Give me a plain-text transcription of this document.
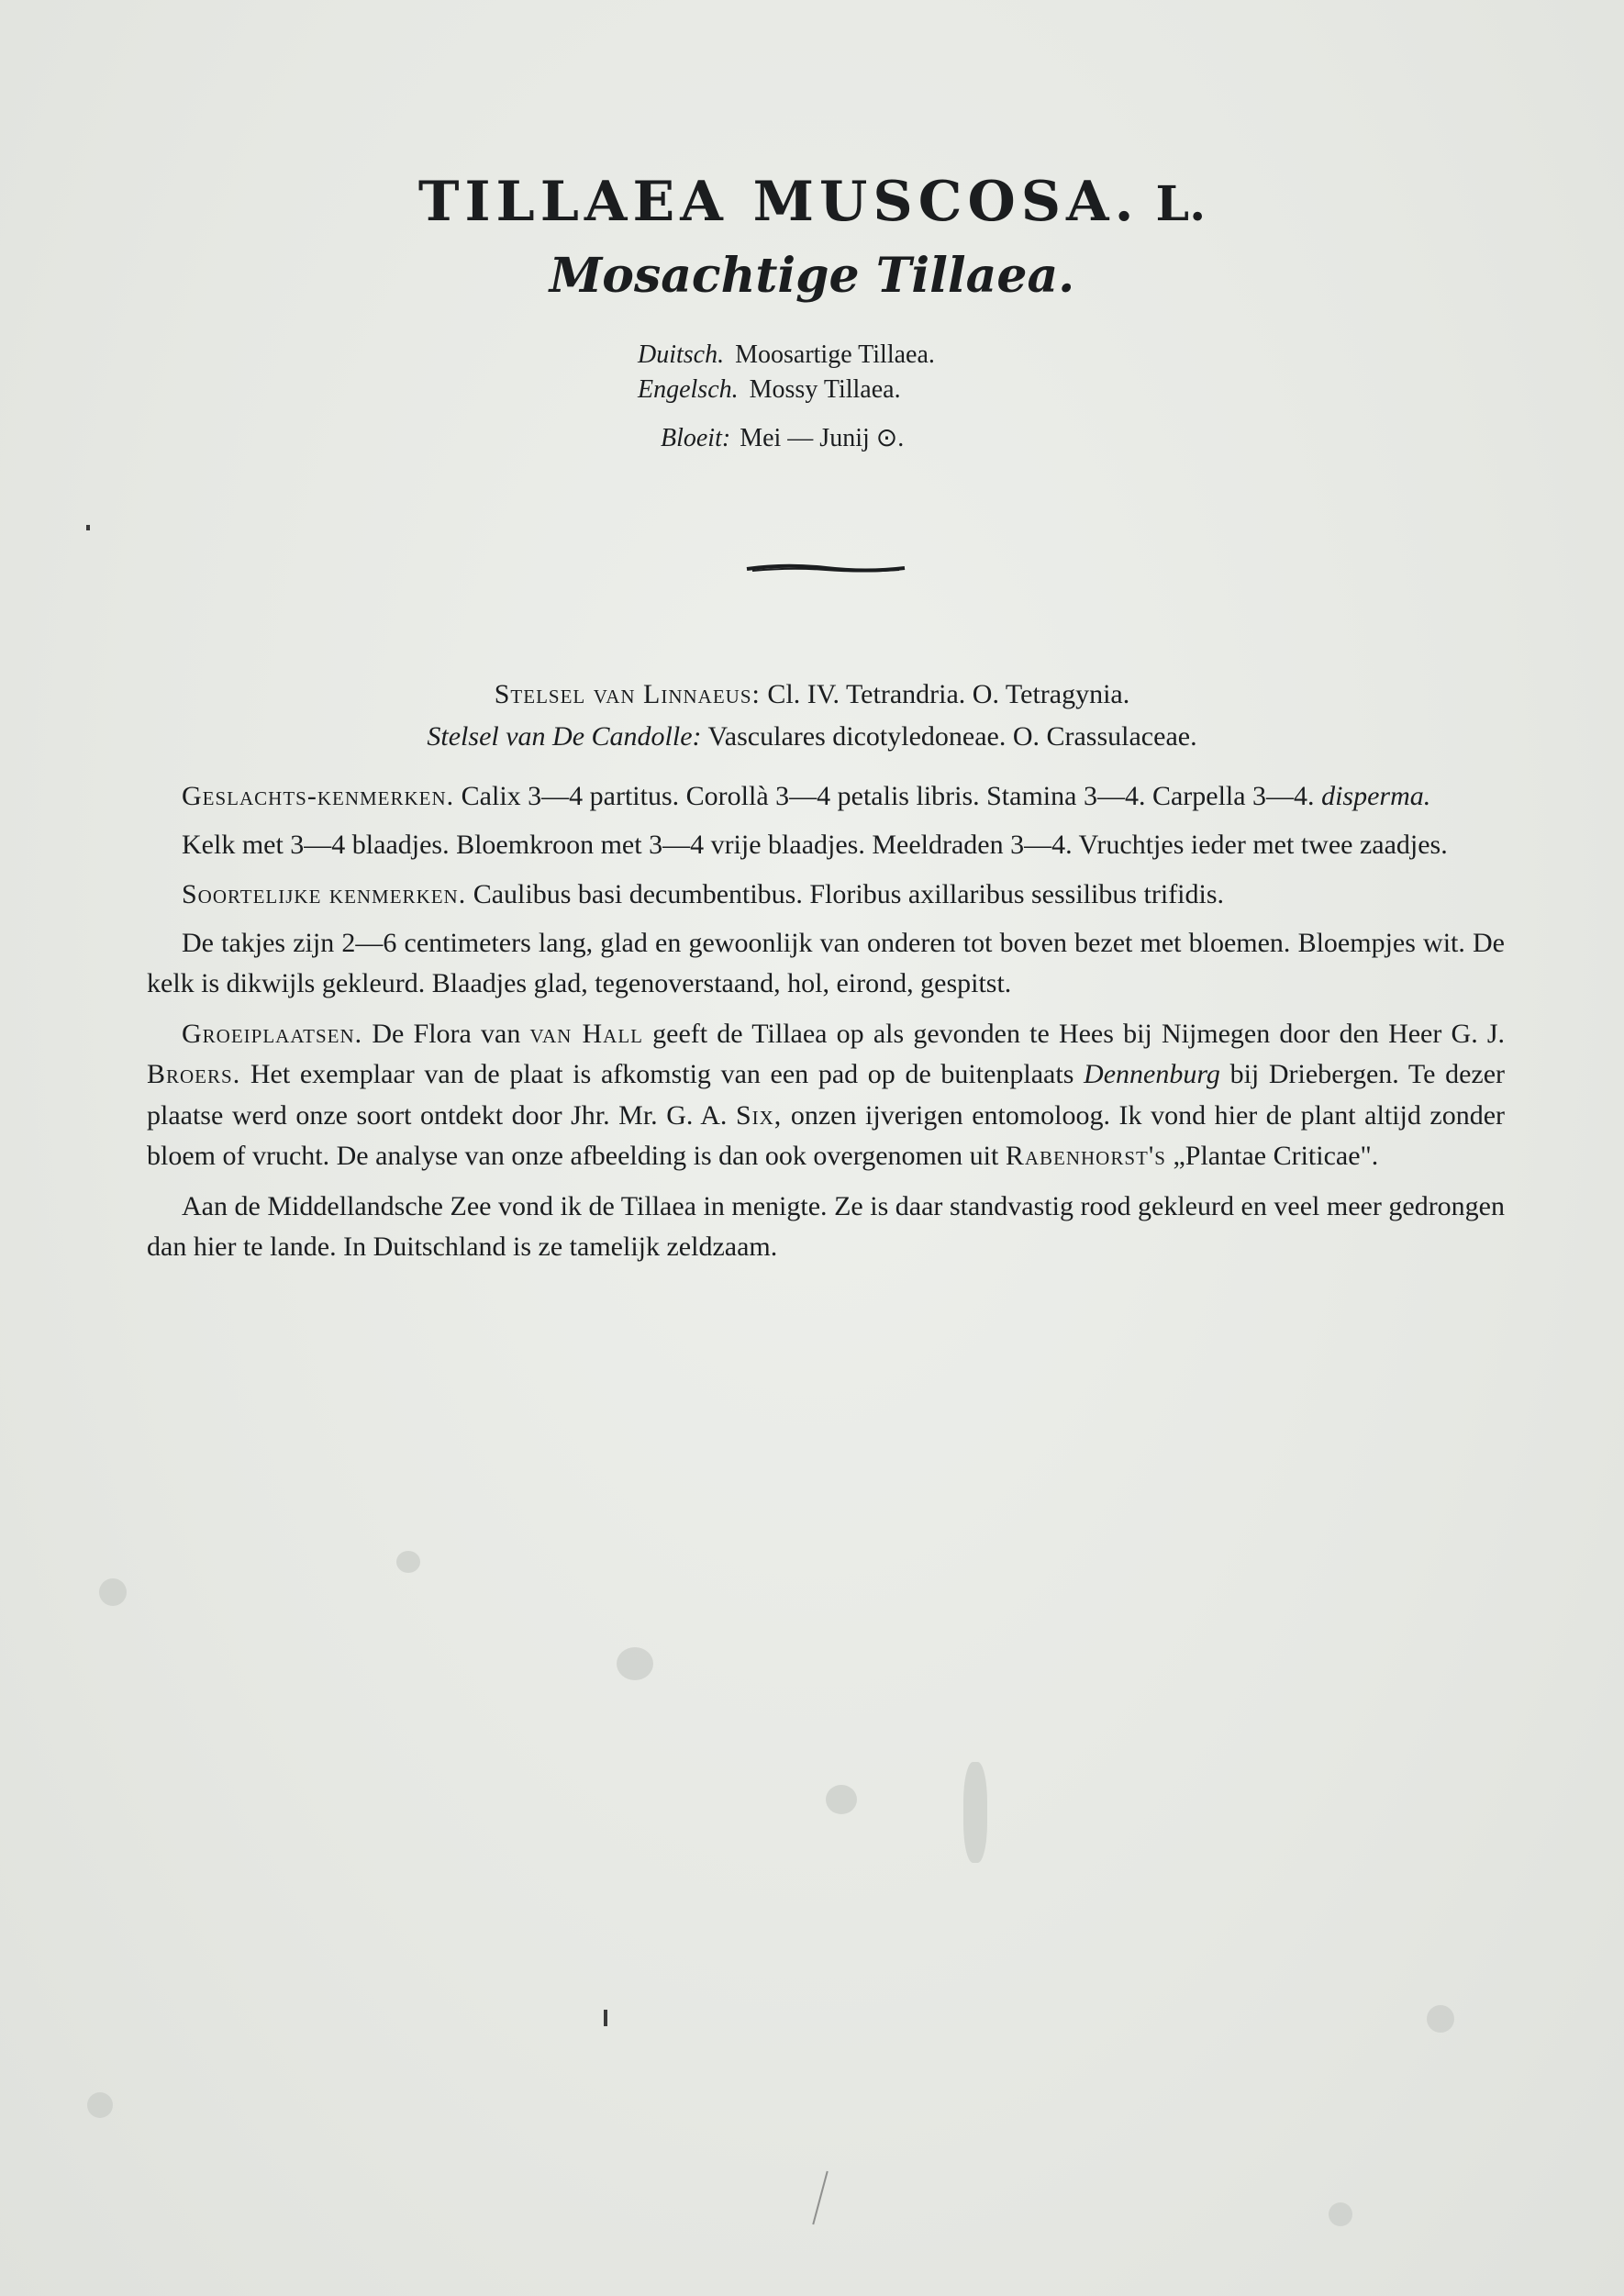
TILLAEA MUSCOSA. L.
Mosachtige Tillaea.
Duitsch. Moosartige Tillaea.
Engelsch. Mossy Tillaea.
Bloeit: Mei — Junij ⊙.
Stelsel van Linnaeus: Cl. IV. Tetrandria. O. Tetragynia.
Stelsel van De Candolle: Vasculares dicotyledoneae. O. Crassulaceae.

Geslachts-kenmerken. Calix 3—4 partitus. Corollà 3—4 petalis libris. Stamina 3—4. Carpella 3—4. disperma.

Kelk met 3—4 blaadjes. Bloemkroon met 3—4 vrije blaadjes. Meeldraden 3—4. Vruchtjes ieder met twee zaadjes.

Soortelijke kenmerken. Caulibus basi decumbentibus. Floribus axillaribus sessilibus trifidis.

De takjes zijn 2—6 centimeters lang, glad en gewoonlijk van onderen tot boven bezet met bloemen. Bloempjes wit. De kelk is dikwijls gekleurd. Blaadjes glad, tegenoverstaand, hol, eirond, gespitst.

Groeiplaatsen. De Flora van van Hall geeft de Tillaea op als gevonden te Hees bij Nijmegen door den Heer G. J. Broers. Het exemplaar van de plaat is afkomstig van een pad op de buitenplaats Dennenburg bij Driebergen. Te dezer plaatse werd onze soort ontdekt door Jhr. Mr. G. A. Six, onzen ijverigen entomoloog. Ik vond hier de plant altijd zonder bloem of vrucht. De analyse van onze afbeelding is dan ook overgenomen uit Rabenhorst's „Plantae Criticae".

Aan de Middellandsche Zee vond ik de Tillaea in menigte. Ze is daar standvastig rood gekleurd en veel meer gedrongen dan hier te lande. In Duitschland is ze tamelijk zeldzaam.
